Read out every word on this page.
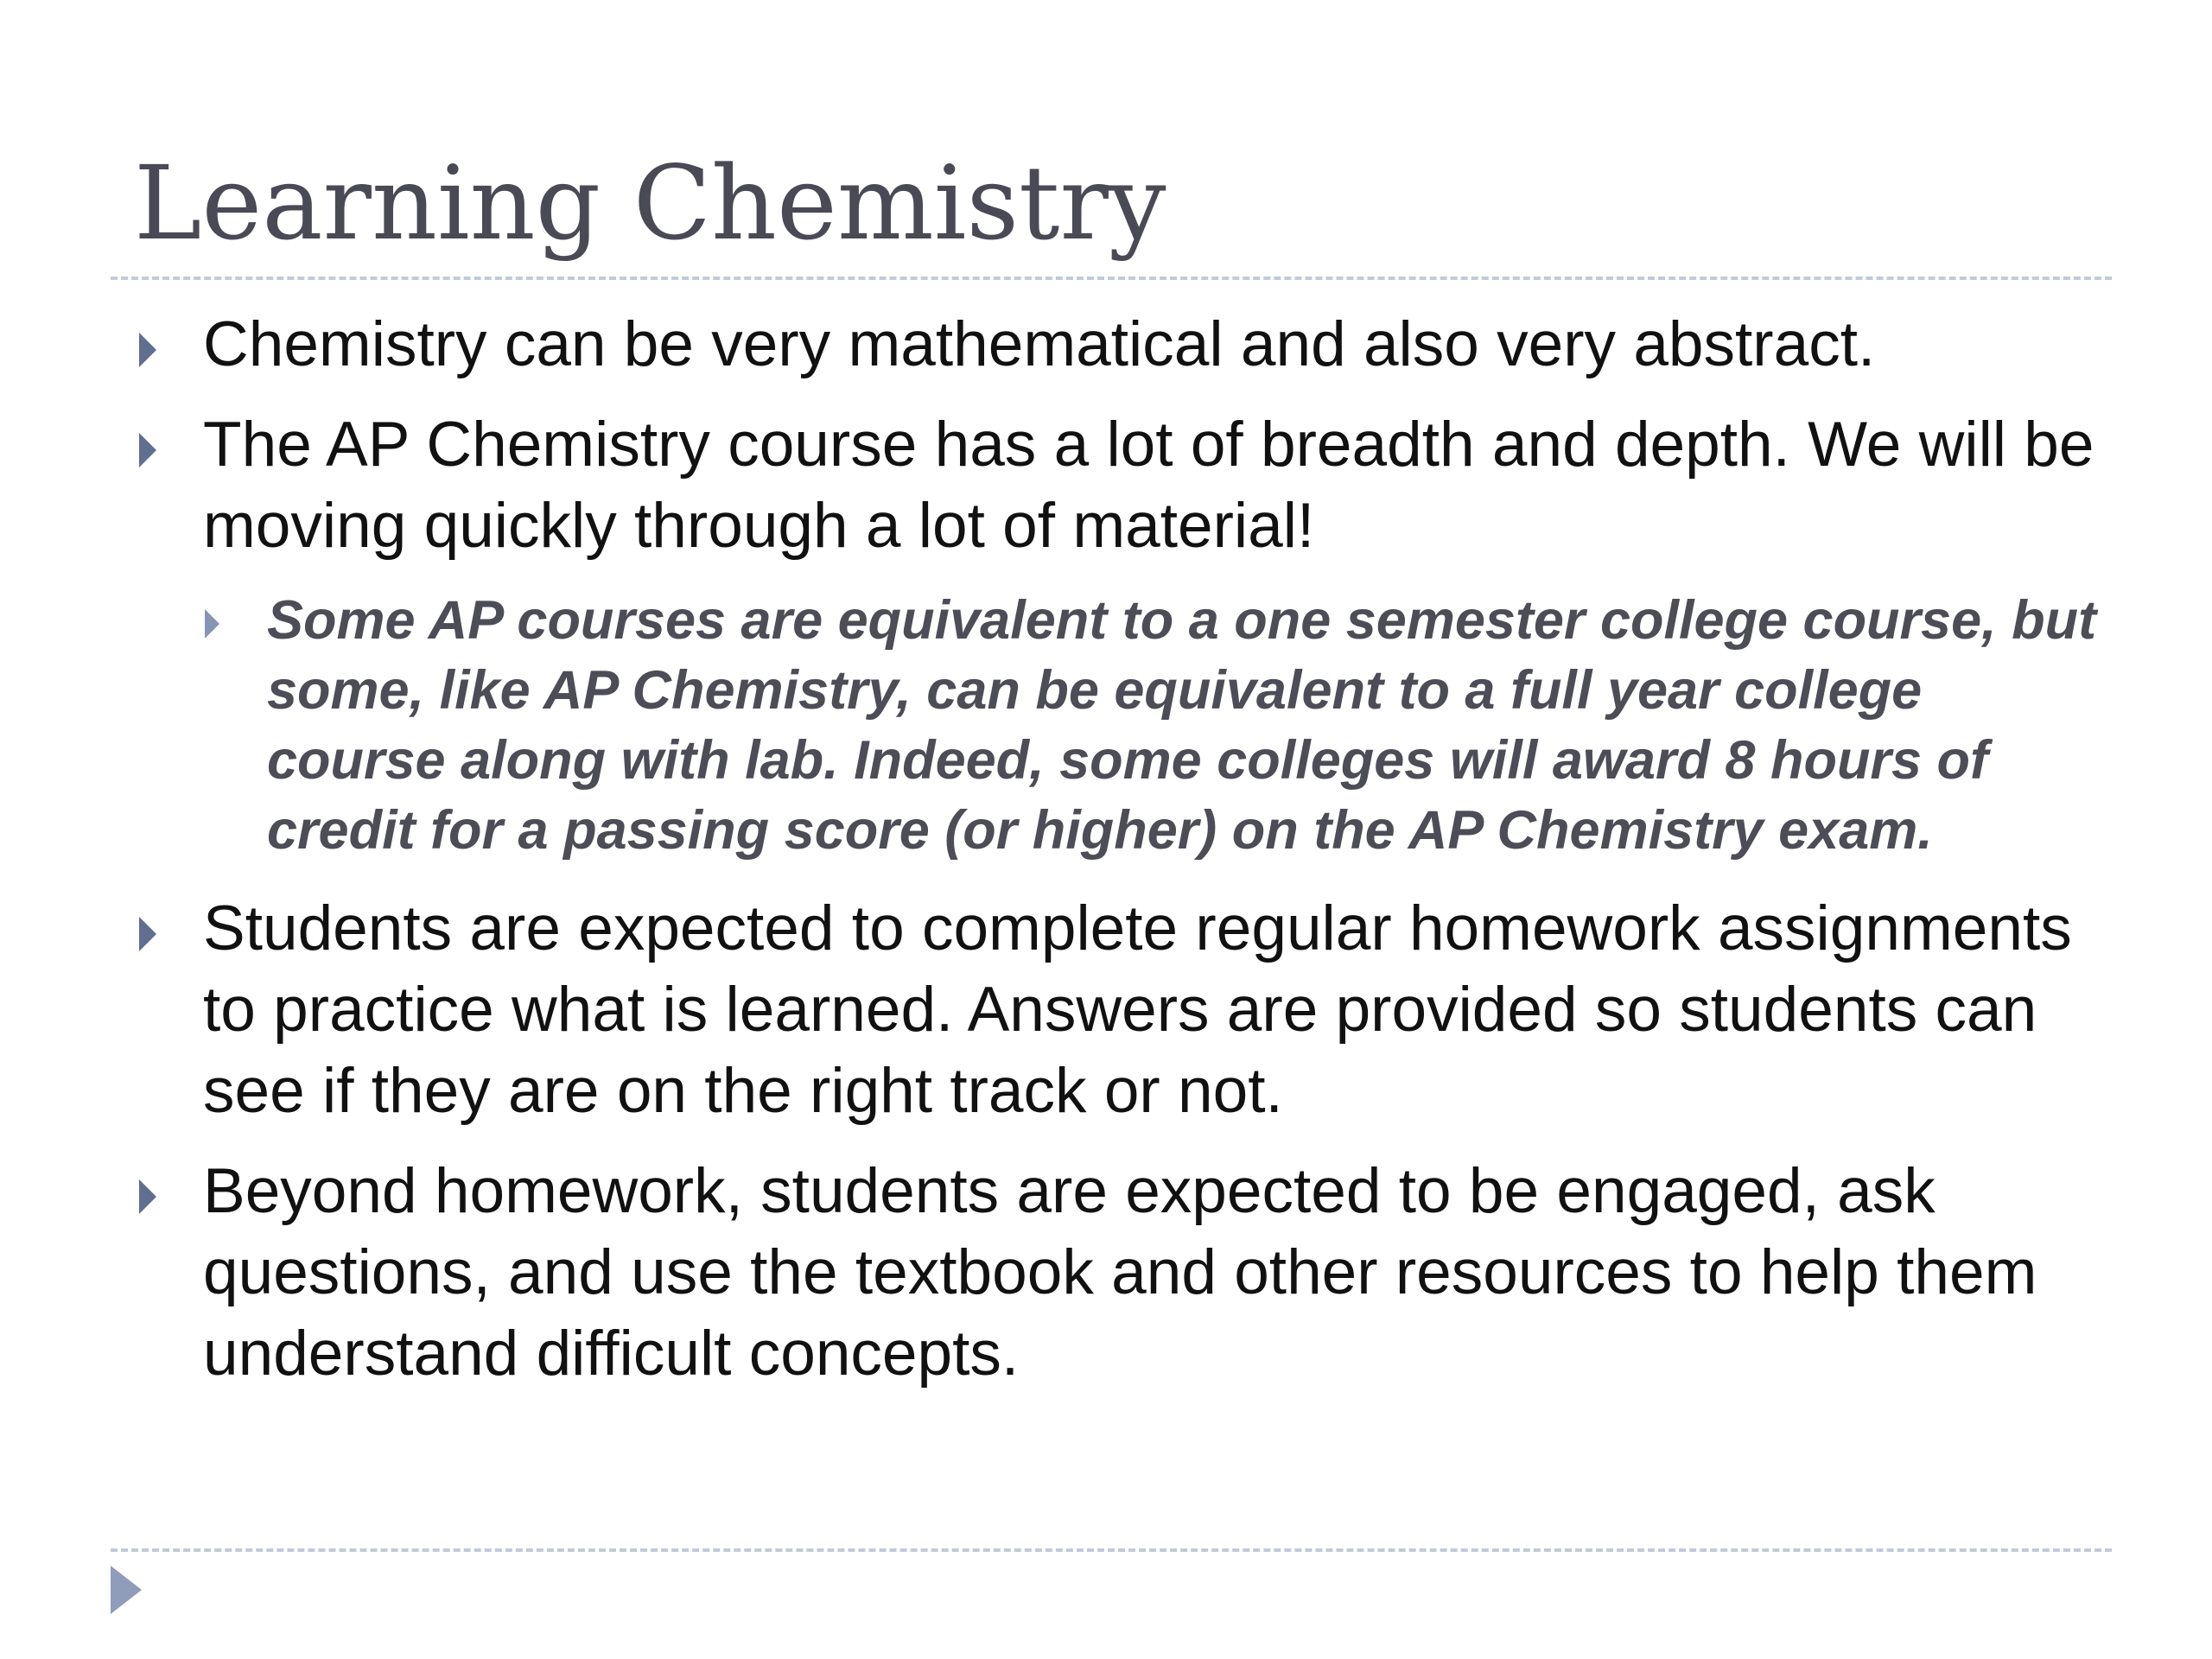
Learning Chemistry
Chemistry can be very mathematical and also very abstract.
The AP Chemistry course has a lot of breadth and depth. We will be moving quickly through a lot of material!
Some AP courses are equivalent to a one semester college course, but some, like AP Chemistry, can be equivalent to a full year college course along with lab. Indeed, some colleges will award 8 hours of credit for a passing score (or higher) on the AP Chemistry exam.
Students are expected to complete regular homework assignments to practice what is learned. Answers are provided so students can see if they are on the right track or not.
Beyond homework, students are expected to be engaged, ask questions, and use the textbook and other resources to help them understand difficult concepts.
